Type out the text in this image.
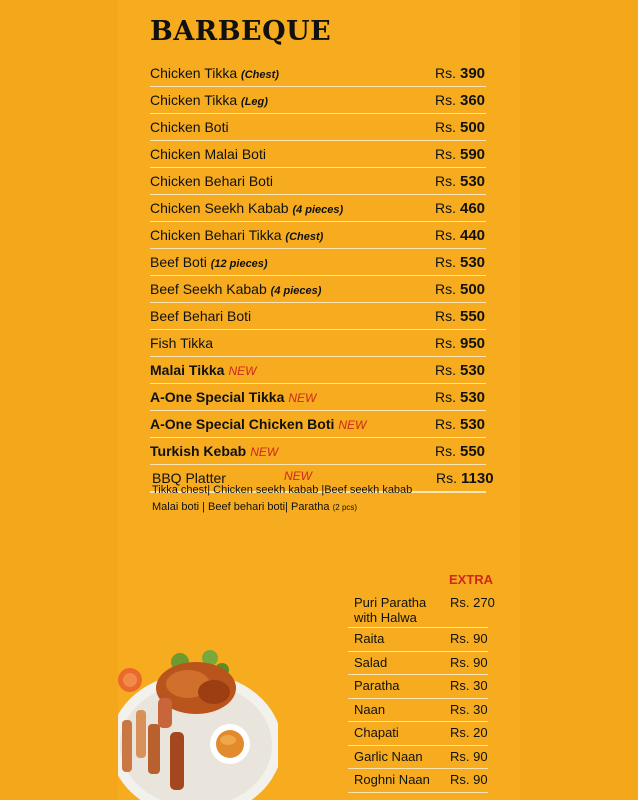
BARBEQUE
Chicken Tikka (Chest)	Rs. 390
Chicken Tikka (Leg)	Rs. 360
Chicken Boti	Rs. 500
Chicken Malai Boti	Rs. 590
Chicken Behari Boti	Rs. 530
Chicken Seekh Kabab (4 pieces)	Rs. 460
Chicken Behari Tikka (Chest)	Rs. 440
Beef Boti (12 pieces)	Rs. 530
Beef Seekh Kabab (4 pieces)	Rs. 500
Beef Behari Boti	Rs. 550
Fish Tikka	Rs. 950
Malai Tikka NEW	Rs. 530
A-One Special Tikka NEW	Rs. 530
A-One Special Chicken Boti NEW	Rs. 530
Turkish Kebab NEW	Rs. 550
BBQ Platter	NEW	Rs. 1130
Tikka chest| Chicken seekh kabab |Beef seekh kabab
Malai boti | Beef behari boti| Paratha (2 pcs)
EXTRA
Puri Paratha with Halwa
Rs. 270
Raita	Rs. 90
Salad	Rs. 90
Paratha	Rs. 30
Naan	Rs. 30
Chapati	Rs. 20
Garlic Naan Rs. 90
Roghni Naan Rs. 90
